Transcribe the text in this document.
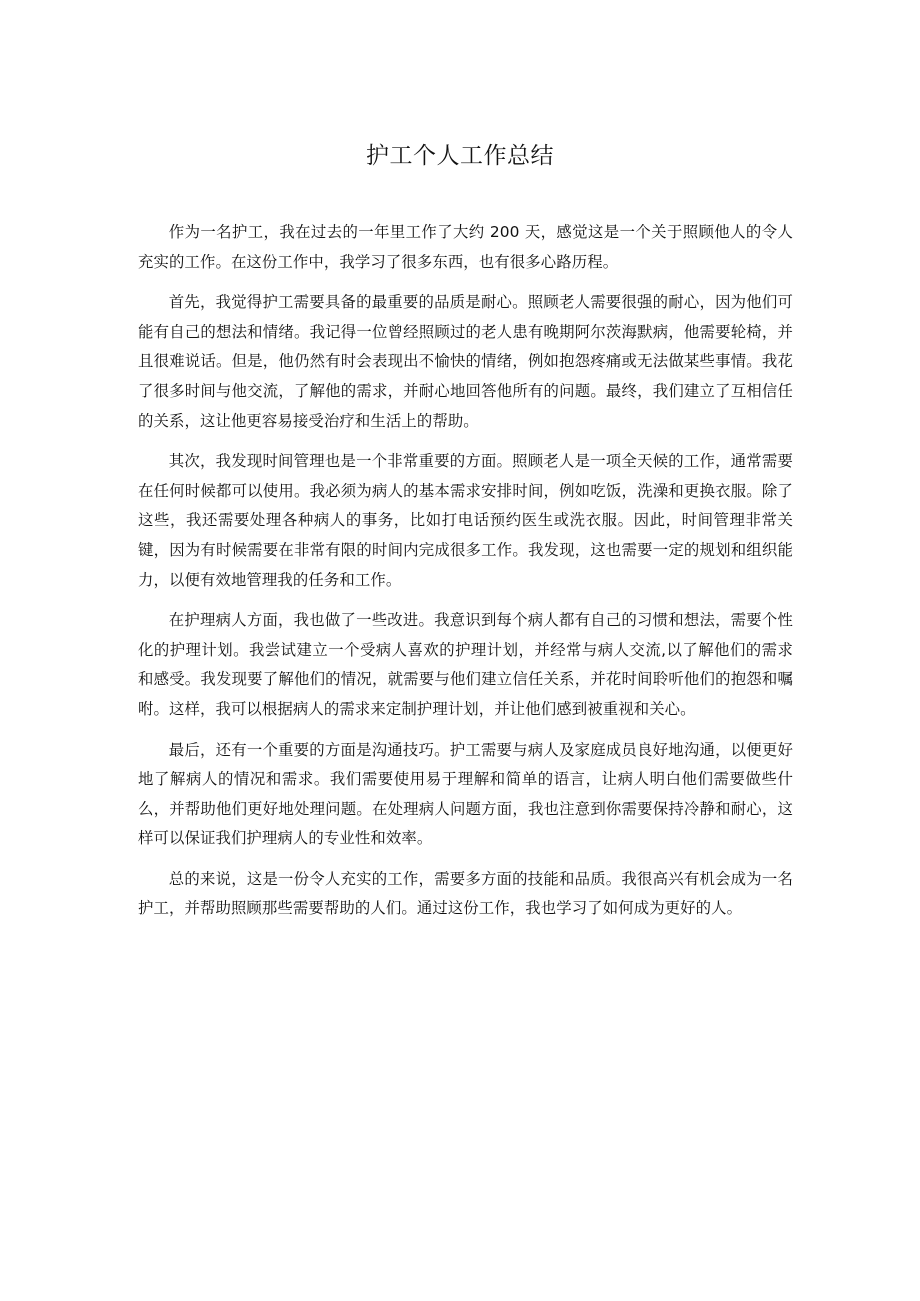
护工个人工作总结

作为一名护工，我在过去的一年里工作了大约 200 天，感觉这是一个关于照顾他人的令人充实的工作。在这份工作中，我学习了很多东西，也有很多心路历程。

首先，我觉得护工需要具备的最重要的品质是耐心。照顾老人需要很强的耐心，因为他们可能有自己的想法和情绪。我记得一位曾经照顾过的老人患有晚期阿尔茨海默病，他需要轮椅，并且很难说话。但是，他仍然有时会表现出不愉快的情绪，例如抱怨疼痛或无法做某些事情。我花了很多时间与他交流，了解他的需求，并耐心地回答他所有的问题。最终，我们建立了互相信任的关系，这让他更容易接受治疗和生活上的帮助。

其次，我发现时间管理也是一个非常重要的方面。照顾老人是一项全天候的工作，通常需要在任何时候都可以使用。我必须为病人的基本需求安排时间，例如吃饭，洗澡和更换衣服。除了这些，我还需要处理各种病人的事务，比如打电话预约医生或洗衣服。因此，时间管理非常关键，因为有时候需要在非常有限的时间内完成很多工作。我发现，这也需要一定的规划和组织能力，以便有效地管理我的任务和工作。

在护理病人方面，我也做了一些改进。我意识到每个病人都有自己的习惯和想法，需要个性化的护理计划。我尝试建立一个受病人喜欢的护理计划，并经常与病人交流,以了解他们的需求和感受。我发现要了解他们的情况，就需要与他们建立信任关系，并花时间聆听他们的抱怨和嘱咐。这样，我可以根据病人的需求来定制护理计划，并让他们感到被重视和关心。

最后，还有一个重要的方面是沟通技巧。护工需要与病人及家庭成员良好地沟通，以便更好地了解病人的情况和需求。我们需要使用易于理解和简单的语言，让病人明白他们需要做些什么，并帮助他们更好地处理问题。在处理病人问题方面，我也注意到你需要保持冷静和耐心，这样可以保证我们护理病人的专业性和效率。

总的来说，这是一份令人充实的工作，需要多方面的技能和品质。我很高兴有机会成为一名护工，并帮助照顾那些需要帮助的人们。通过这份工作，我也学习了如何成为更好的人。
